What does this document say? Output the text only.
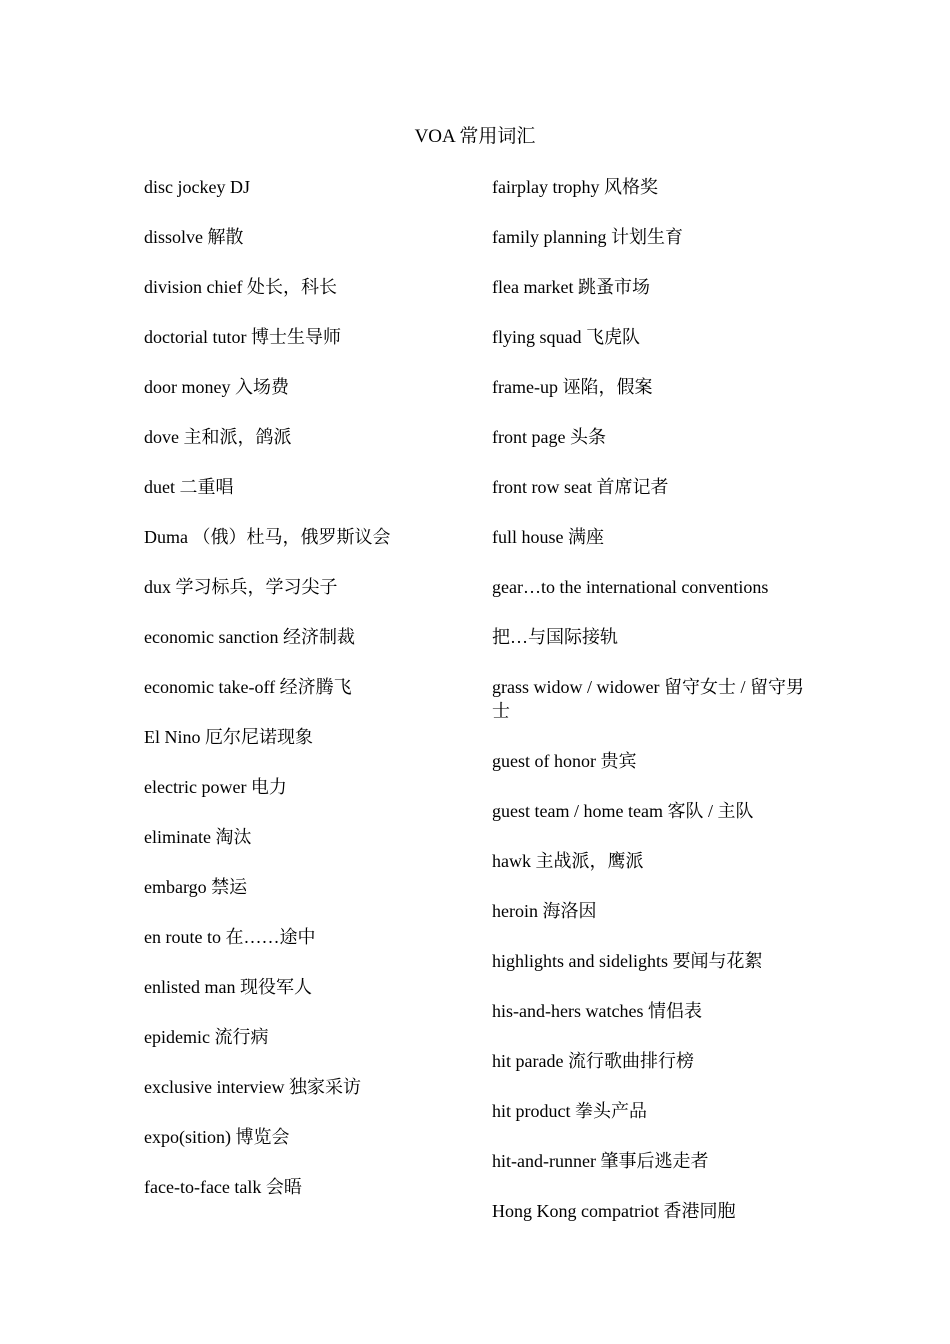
VOA 常用词汇
disc jockey DJ
dissolve 解散
division chief 处长，科长
doctorial tutor 博士生导师
door money 入场费
dove 主和派，鸽派
duet 二重唱
Duma （俄）杜马，俄罗斯议会
dux 学习标兵，学习尖子
economic sanction 经济制裁
economic take-off 经济腾飞
El Nino 厄尔尼诺现象
electric power 电力
eliminate 淘汰
embargo 禁运
en route to 在……途中
enlisted man 现役军人
epidemic 流行病
exclusive interview 独家采访
expo(sition) 博览会
face-to-face talk 会晤
fairplay trophy 风格奖
family planning 计划生育
flea market 跳蚤市场
flying squad 飞虎队
frame-up 诬陷，假案
front page 头条
front row seat 首席记者
full house 满座
gear…to the international conventions
把…与国际接轨
grass widow / widower 留守女士 / 留守男士
guest of honor 贵宾
guest team / home team 客队 / 主队
hawk 主战派，鹰派
heroin 海洛因
highlights and sidelights 要闻与花絮
his-and-hers watches 情侣表
hit parade 流行歌曲排行榜
hit product 拳头产品
hit-and-runner 肇事后逃走者
Hong Kong compatriot 香港同胞
